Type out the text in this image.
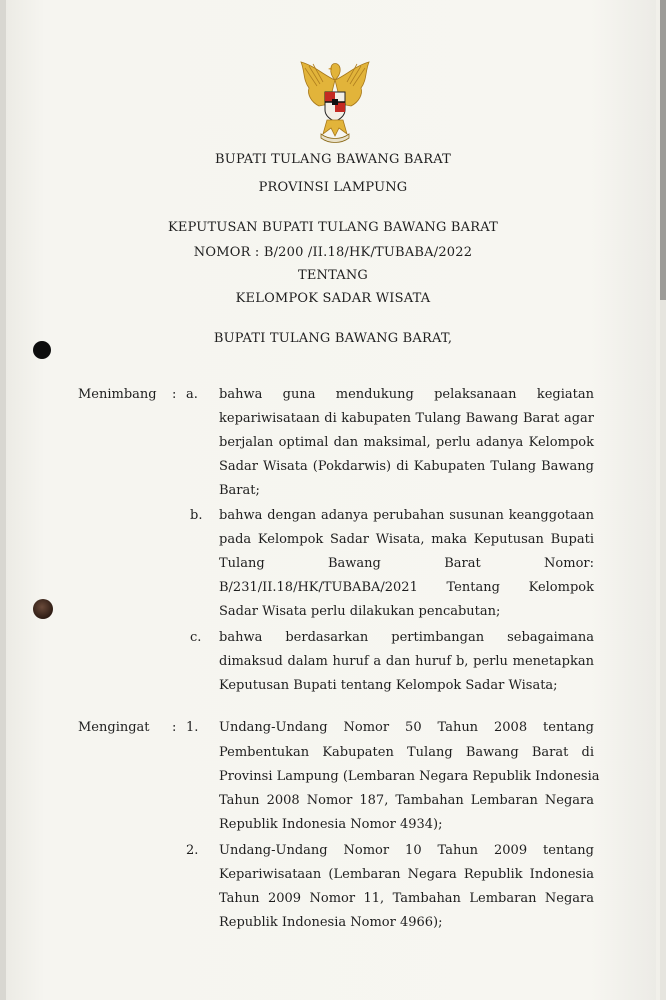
BUPATI TULANG BAWANG BARAT
PROVINSI LAMPUNG
KEPUTUSAN BUPATI TULANG BAWANG BARAT
NOMOR : B/200 /II.18/HK/TUBABA/2022
TENTANG
KELOMPOK SADAR WISATA
BUPATI TULANG BAWANG BARAT,
Menimbang : a. bahwa guna mendukung pelaksanaan kegiatan
kepariwisataan di kabupaten Tulang Bawang Barat agar
berjalan optimal dan maksimal, perlu adanya Kelompok
Sadar Wisata (Pokdarwis) di Kabupaten Tulang Bawang
Barat;
b. bahwa dengan adanya perubahan susunan keanggotaan
pada Kelompok Sadar Wisata, maka Keputusan Bupati
Tulang Bawang Barat Nomor:
B/231/II.18/HK/TUBABA/2021 Tentang Kelompok
Sadar Wisata perlu dilakukan pencabutan;
c. bahwa berdasarkan pertimbangan sebagaimana
dimaksud dalam huruf a dan huruf b, perlu menetapkan
Keputusan Bupati tentang Kelompok Sadar Wisata;
Mengingat : 1. Undang-Undang Nomor 50 Tahun 2008 tentang
Pembentukan Kabupaten Tulang Bawang Barat di
Provinsi Lampung (Lembaran Negara Republik Indonesia
Tahun 2008 Nomor 187, Tambahan Lembaran Negara
Republik Indonesia Nomor 4934);
2. Undang-Undang Nomor 10 Tahun 2009 tentang
Kepariwisataan (Lembaran Negara Republik Indonesia
Tahun 2009 Nomor 11, Tambahan Lembaran Negara
Republik Indonesia Nomor 4966);
